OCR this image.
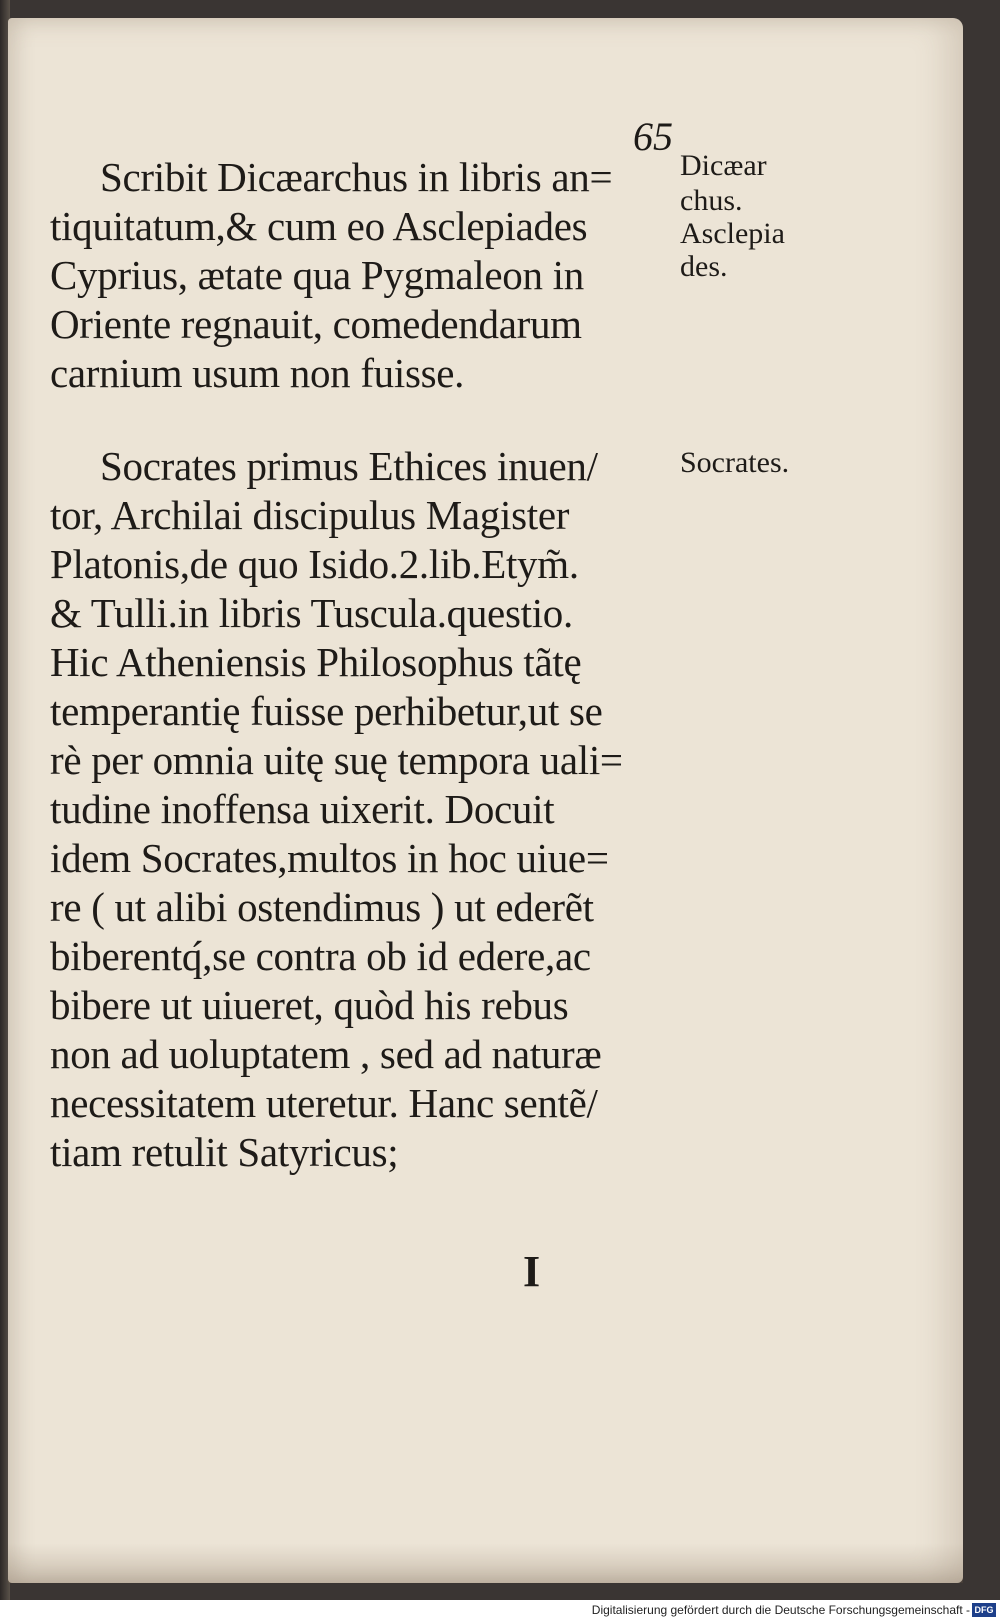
65
Scribit Dicæarchus in libris an=
tiquitatum,& cum eo Asclepiades
Cyprius, ætate qua Pygmaleon in
Oriente regnauit, comedendarum
carnium usum non fuisse.
Socrates primus Ethices inuen/
tor, Archilai discipulus Magister
Platonis,de quo Isido.2.lib.Etym̃.
& Tulli.in libris Tuscula.questio.
Hic Atheniensis Philosophus tãtę
temperantię fuisse perhibetur,ut se
rè per omnia uitę suę tempora uali=
tudine inoffensa uixerit. Docuit
idem Socrates,multos in hoc uiue=
re ( ut alibi ostendimus ) ut ederẽt
biberentq́,se contra ob id edere,ac
bibere ut uiueret, quòd his rebus
non ad uoluptatem , sed ad naturæ
necessitatem uteretur. Hanc sentẽ/
tiam retulit Satyricus;
Dicæar
chus.
Asclepia
des.
Socrates.
I
Digitalisierung gefördert durch die Deutsche Forschungsgemeinschaft - DFG
